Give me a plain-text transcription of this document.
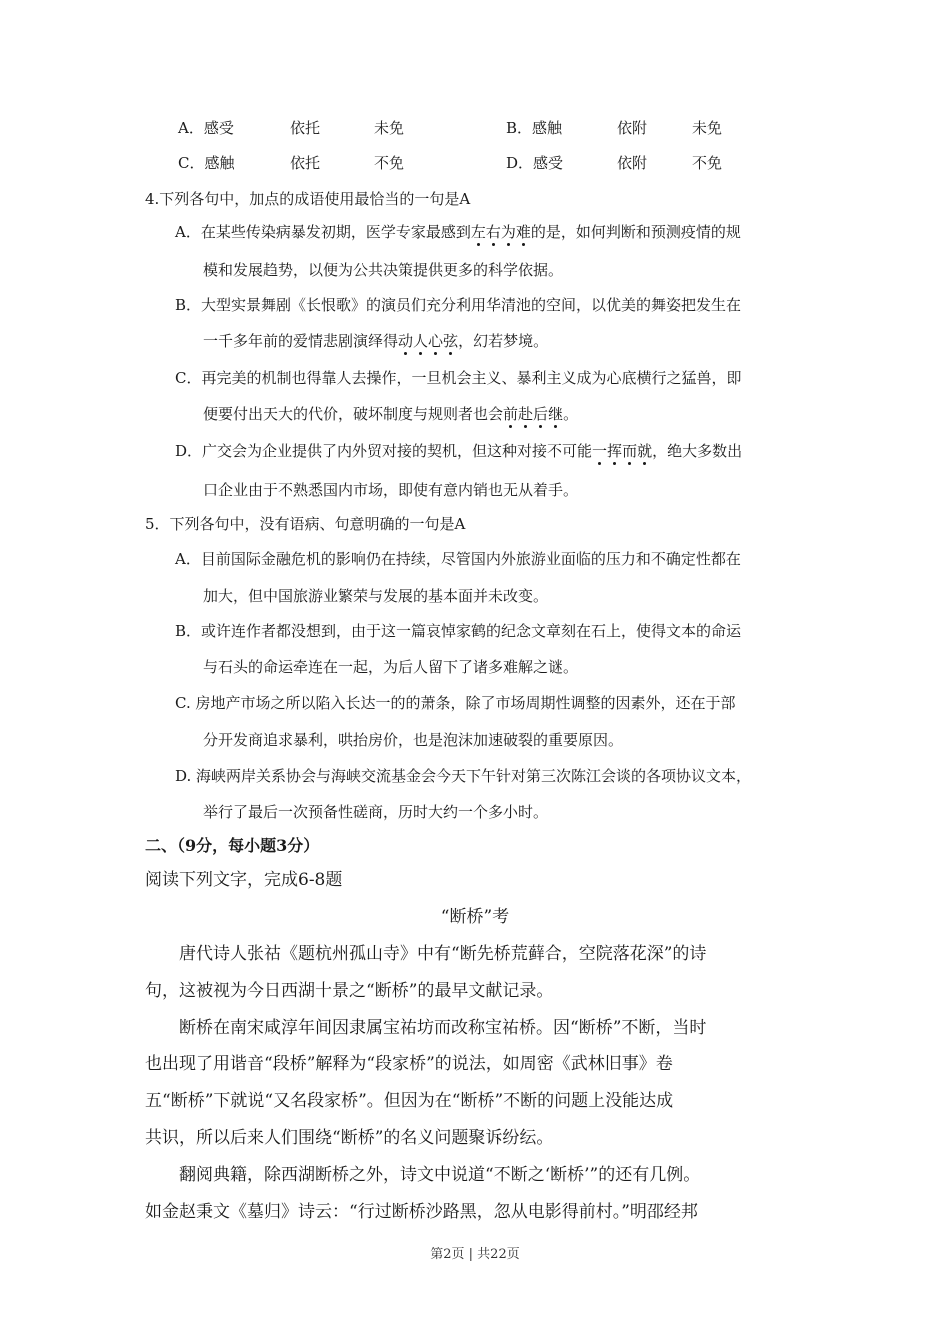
A．感受	依托	未免	B．感触	依附	未免
C．感触	依托	不免	D．感受	依附	不免
4.下列各句中，加点的成语使用最恰当的一句是A
A．在某些传染病暴发初期，医学专家最感到左右为难的是，如何判断和预测疫情的规
模和发展趋势，以便为公共决策提供更多的科学依据。
B．大型实景舞剧《长恨歌》的演员们充分利用华清池的空间，以优美的舞姿把发生在
一千多年前的爱情悲剧演绎得动人心弦，幻若梦境。
C．再完美的机制也得靠人去操作，一旦机会主义、暴利主义成为心底横行之猛兽，即
便要付出天大的代价，破坏制度与规则者也会前赴后继。
D．广交会为企业提供了内外贸对接的契机，但这种对接不可能一挥而就，绝大多数出
口企业由于不熟悉国内市场，即使有意内销也无从着手。
5．下列各句中，没有语病、句意明确的一句是A
A．目前国际金融危机的影响仍在持续，尽管国内外旅游业面临的压力和不确定性都在
加大，但中国旅游业繁荣与发展的基本面并未改变。
B．或许连作者都没想到，由于这一篇哀悼家鹤的纪念文章刻在石上，使得文本的命运
与石头的命运牵连在一起，为后人留下了诸多难解之谜。
C. 房地产市场之所以陷入长达一的的萧条，除了市场周期性调整的因素外，还在于部
分开发商追求暴利，哄抬房价，也是泡沫加速破裂的重要原因。
D. 海峡两岸关系协会与海峡交流基金会今天下午针对第三次陈江会谈的各项协议文本，
举行了最后一次预备性磋商，历时大约一个多小时。
二、（9分，每小题3分）
阅读下列文字，完成6-8题
“断桥”考
唐代诗人张祜《题杭州孤山寺》中有“断先桥荒藓合，空院落花深”的诗
句，这被视为今日西湖十景之“断桥”的最早文献记录。
断桥在南宋咸淳年间因隶属宝祐坊而改称宝祐桥。因“断桥”不断，当时
也出现了用谐音“段桥”解释为“段家桥”的说法，如周密《武林旧事》卷
五“断桥”下就说“又名段家桥”。但因为在“断桥”不断的问题上没能达成
共识，所以后来人们围绕“断桥”的名义问题聚诉纷纭。
翻阅典籍，除西湖断桥之外，诗文中说道“不断之‘断桥’”的还有几例。
如金赵秉文《墓归》诗云：“行过断桥沙路黑，忽从电影得前村。”明邵经邦
第2页 | 共22页
